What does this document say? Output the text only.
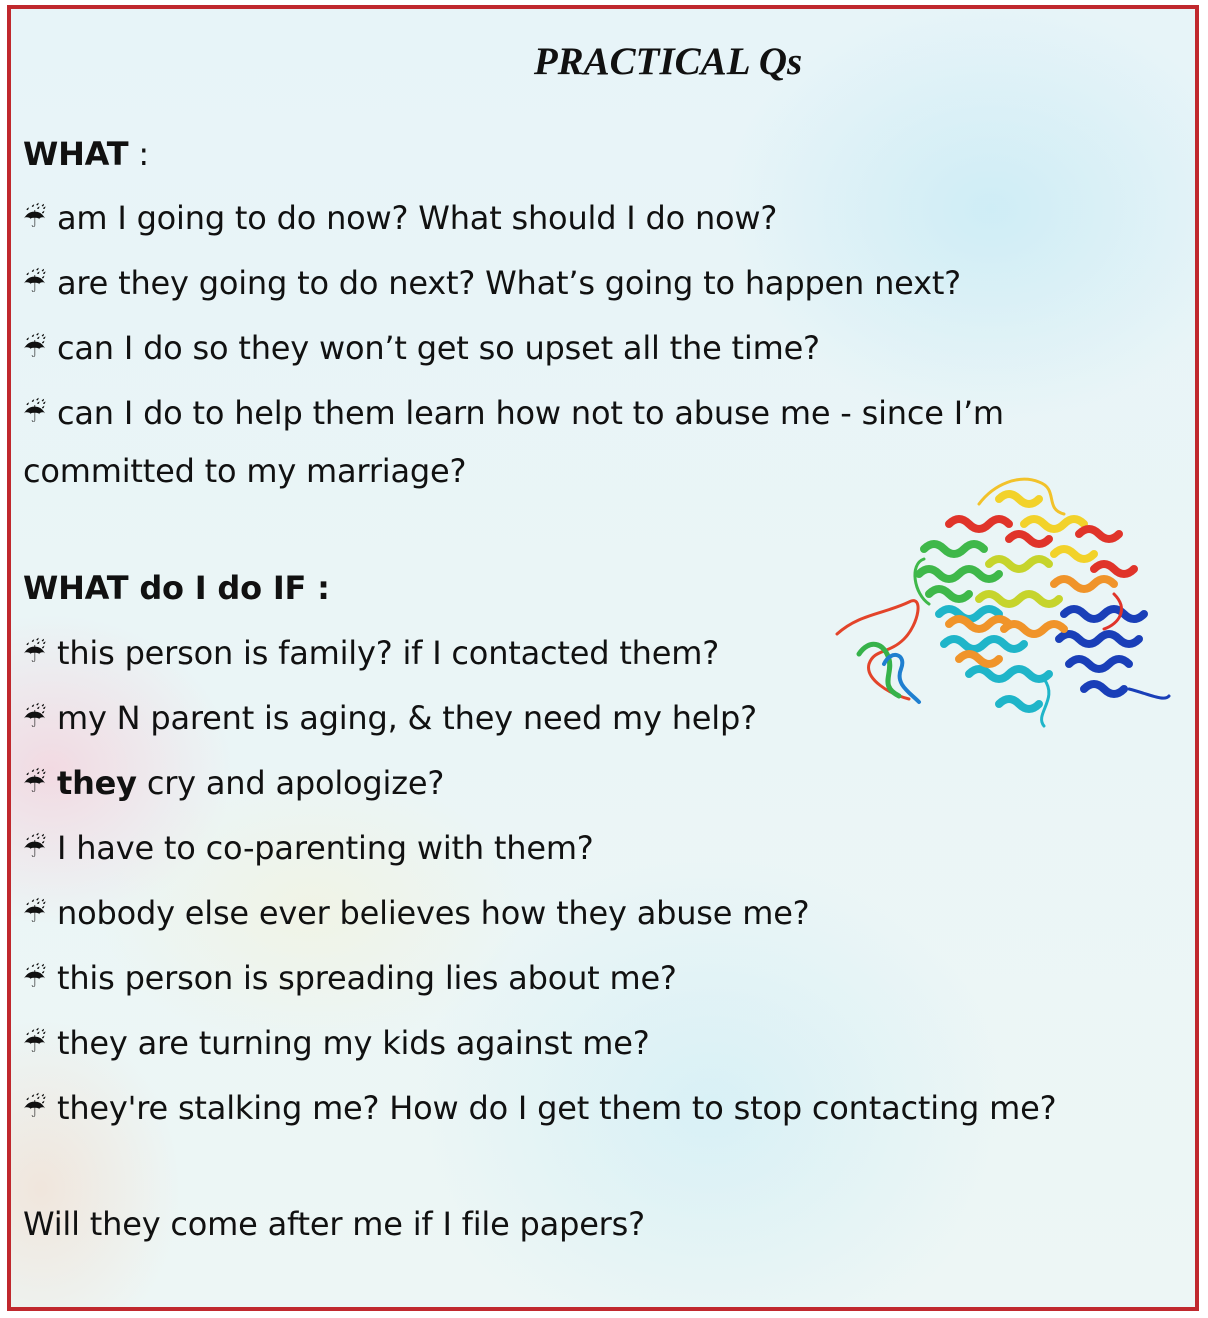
PRACTICAL Qs
WHAT :
☔ am I going to do now? What should I do now?
☔ are they going to do next? What’s going to happen next?
☔ can I do so they won’t get so upset all the time?
☔ can I do to help them learn how not to abuse me - since I’m
committed to my marriage?
WHAT do I do IF :
☔ this person is family? if I contacted them?
☔ my N parent is aging, & they need my help?
☔ they cry and apologize?
☔ I have to co-parenting with them?
☔ nobody else ever believes how they abuse me?
☔ this person is spreading lies about me?
☔ they are turning my kids against me?
☔ they're stalking me? How do I get them to stop contacting me?
Will they come after me if I file papers?
